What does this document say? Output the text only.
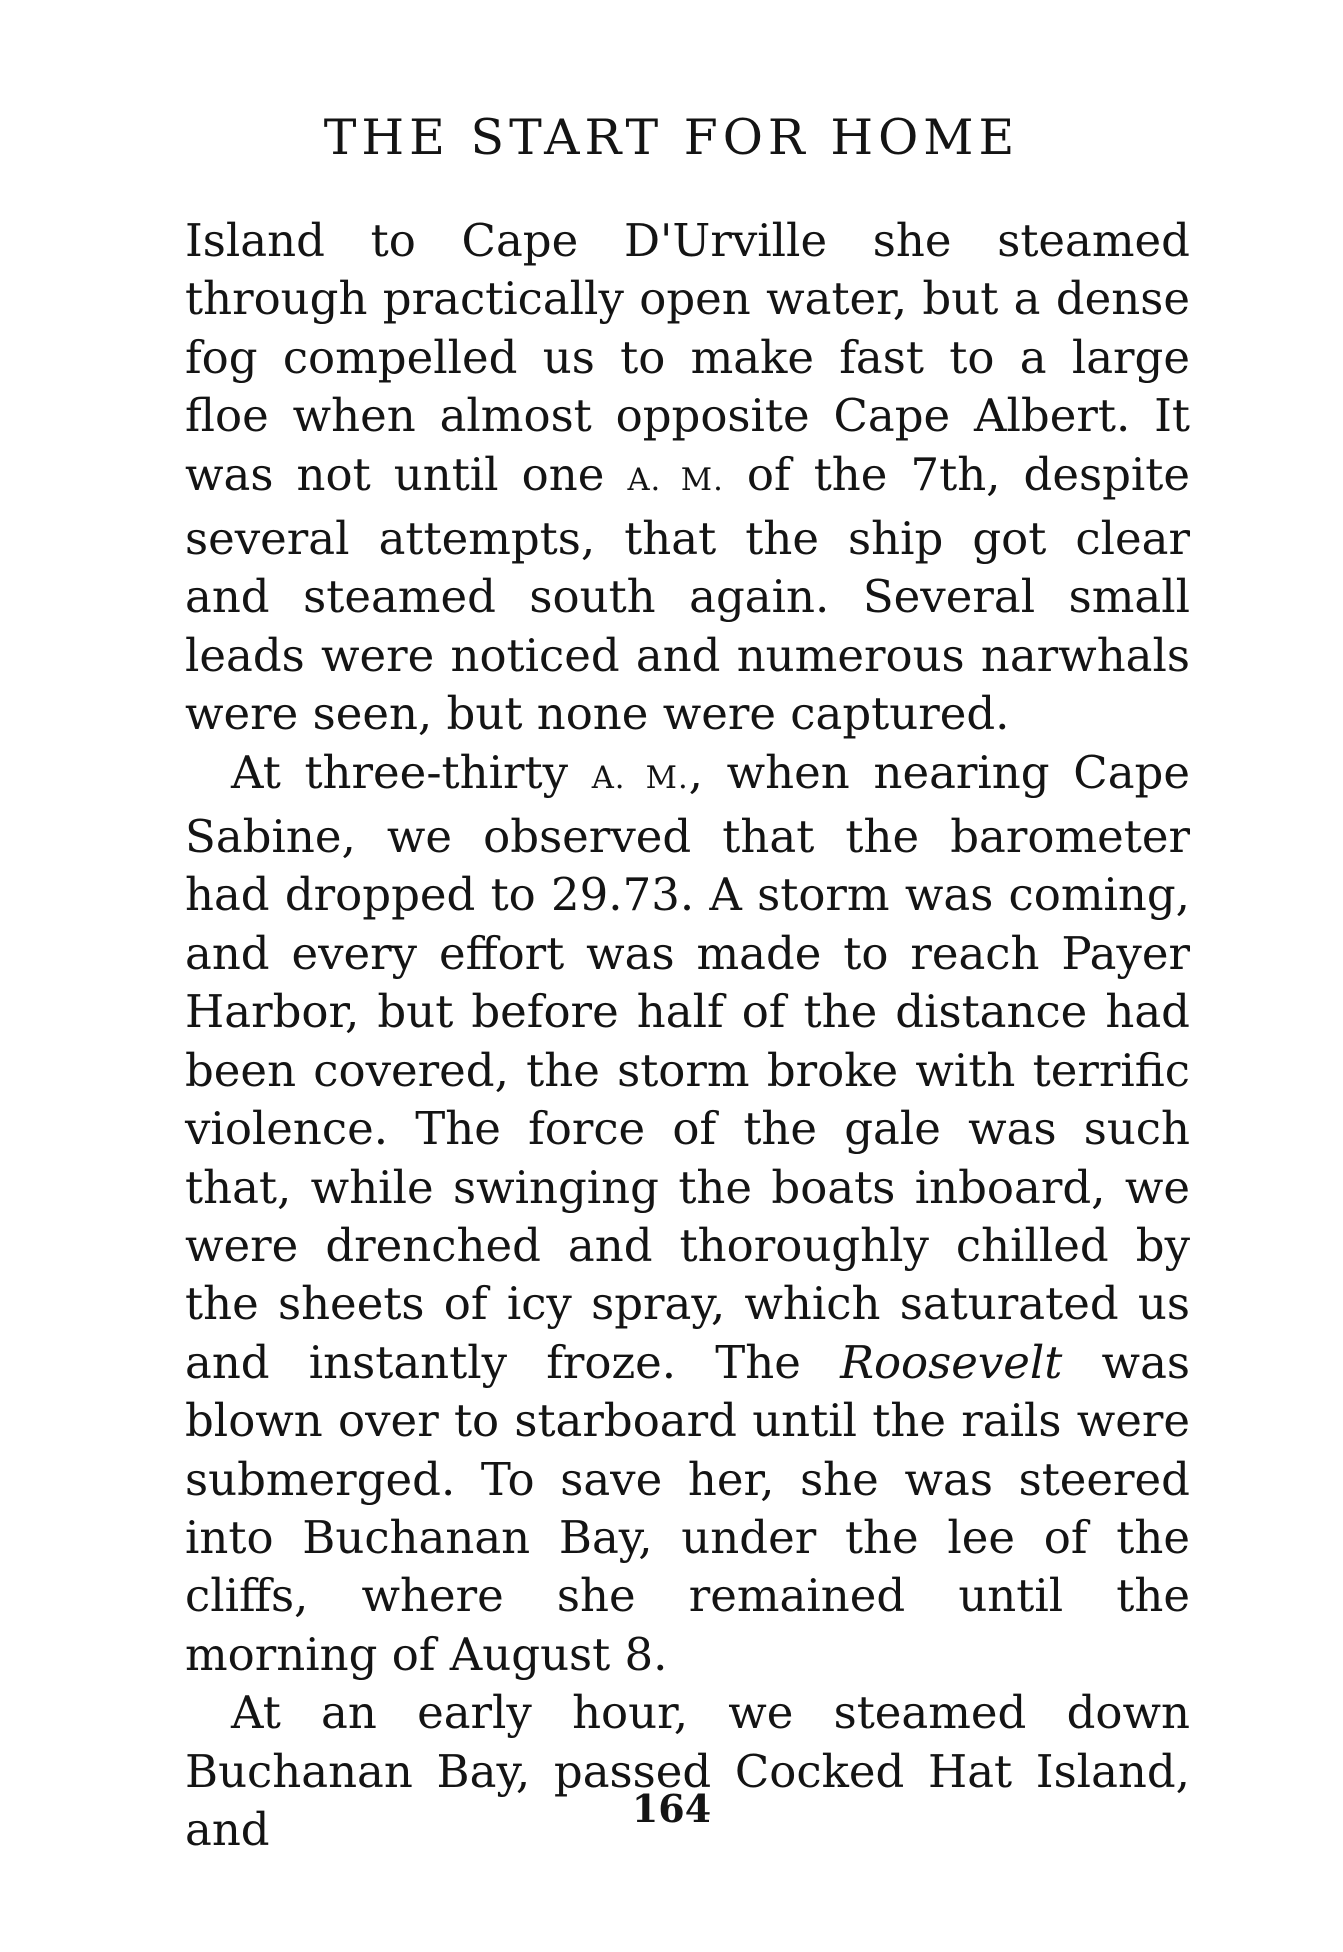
THE START FOR HOME

Island to Cape D'Urville she steamed through practically open water, but a dense fog compelled us to make fast to a large floe when almost opposite Cape Albert. It was not until one A. M. of the 7th, despite several attempts, that the ship got clear and steamed south again. Several small leads were noticed and numerous narwhals were seen, but none were captured.

At three-thirty A. M., when nearing Cape Sabine, we observed that the barometer had dropped to 29.73. A storm was coming, and every effort was made to reach Payer Harbor, but before half of the distance had been covered, the storm broke with terrific violence. The force of the gale was such that, while swinging the boats inboard, we were drenched and thoroughly chilled by the sheets of icy spray, which saturated us and instantly froze. The Roosevelt was blown over to starboard until the rails were submerged. To save her, she was steered into Buchanan Bay, under the lee of the cliffs, where she remained until the morning of August 8.

At an early hour, we steamed down Buchanan Bay, passed Cocked Hat Island, and	164
